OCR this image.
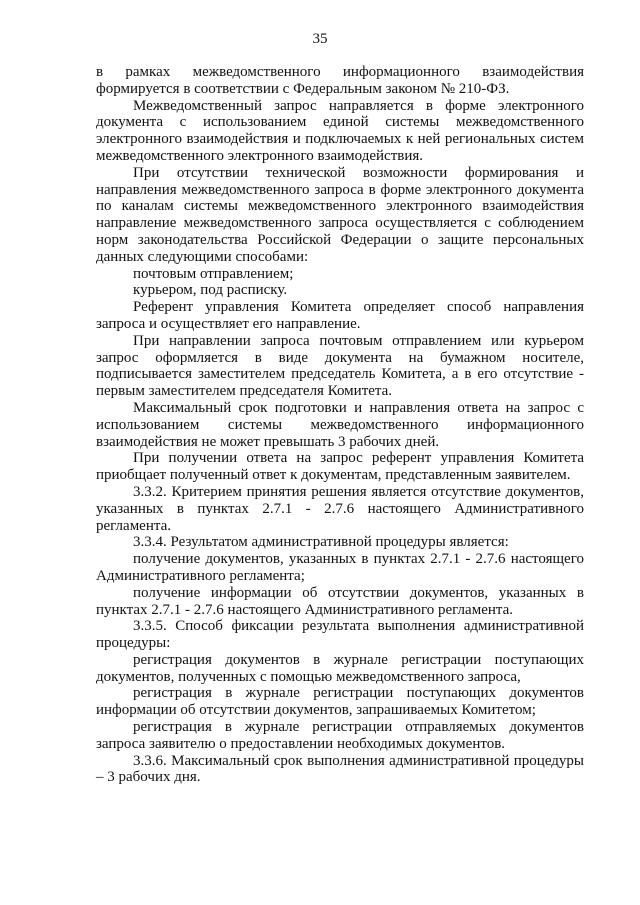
35

в рамках межведомственного информационного взаимодействия формируется в соответствии с Федеральным законом № 210-ФЗ.

Межведомственный запрос направляется в форме электронного документа с использованием единой системы межведомственного электронного взаимодействия и подключаемых к ней региональных систем межведомственного электронного взаимодействия.

При отсутствии технической возможности формирования и направления межведомственного запроса в форме электронного документа по каналам системы межведомственного электронного взаимодействия направление межведомственного запроса осуществляется с соблюдением норм законодательства Российской Федерации о защите персональных данных следующими способами:

почтовым отправлением;

курьером, под расписку.

Референт управления Комитета определяет способ направления запроса и осуществляет его направление.

При направлении запроса почтовым отправлением или курьером запрос оформляется в виде документа на бумажном носителе, подписывается заместителем председатель Комитета, а в его отсутствие - первым заместителем председателя Комитета.

Максимальный срок подготовки и направления ответа на запрос с использованием системы межведомственного информационного взаимодействия не может превышать 3 рабочих дней.

При получении ответа на запрос референт управления Комитета приобщает полученный ответ к документам, представленным заявителем.

3.3.2. Критерием принятия решения является отсутствие документов, указанных в пунктах 2.7.1 - 2.7.6 настоящего Административного регламента.

3.3.4. Результатом административной процедуры является:

получение документов, указанных в пунктах 2.7.1 - 2.7.6 настоящего Административного регламента;

получение информации об отсутствии документов, указанных в пунктах 2.7.1 - 2.7.6 настоящего Административного регламента.

3.3.5. Способ фиксации результата выполнения административной процедуры:

регистрация документов в журнале регистрации поступающих документов, полученных с помощью межведомственного запроса,

регистрация в журнале регистрации поступающих документов информации об отсутствии документов, запрашиваемых Комитетом;

регистрация в журнале регистрации отправляемых документов запроса заявителю о предоставлении необходимых документов.

3.3.6. Максимальный срок выполнения административной процедуры – 3 рабочих дня.
